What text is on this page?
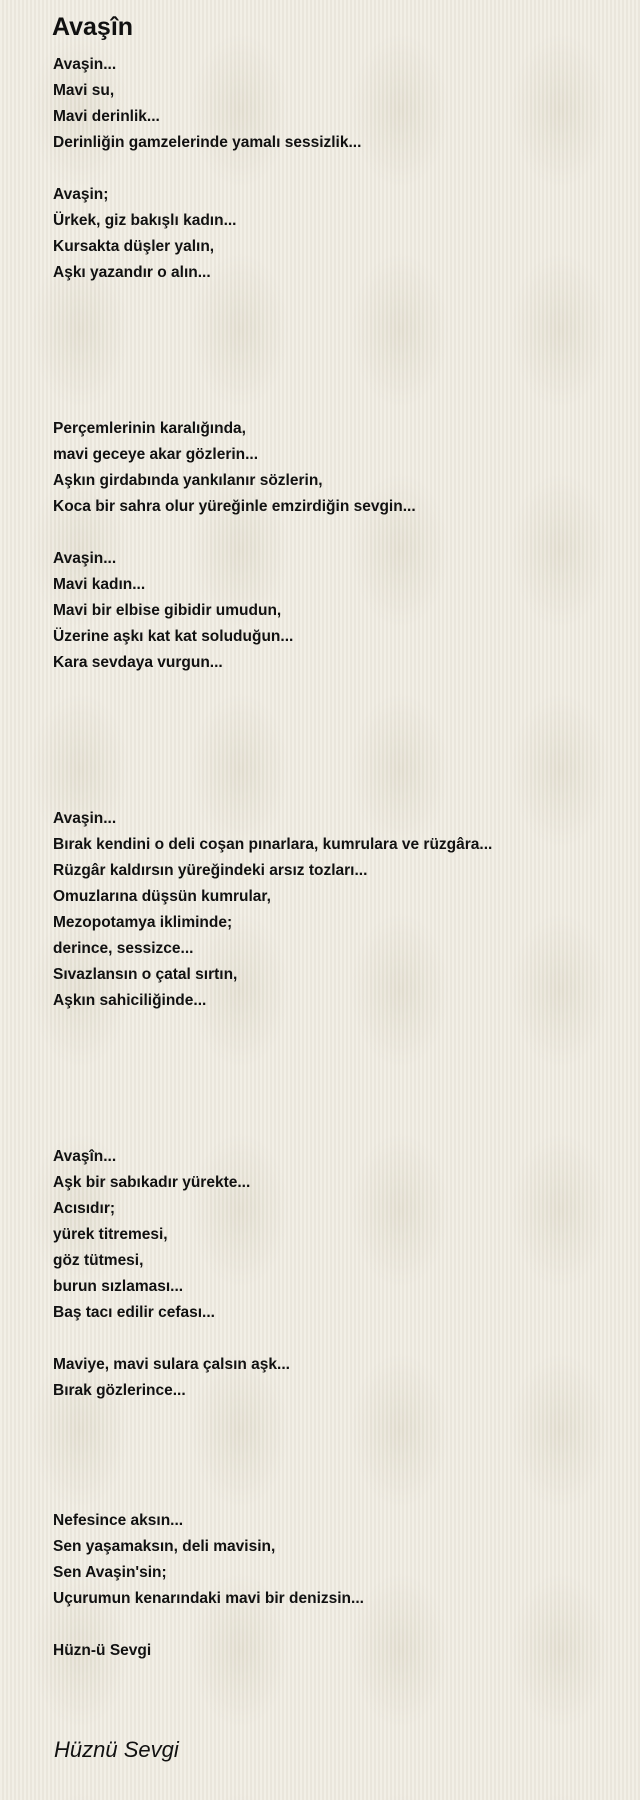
Avaşîn
Avaşin...
Mavi su,
Mavi derinlik...
Derinliğin gamzelerinde yamalı sessizlik...
Avaşin;
Ürkek, giz bakışlı kadın...
Kursakta düşler yalın,
Aşkı yazandır o alın...
Perçemlerinin karalığında,
mavi geceye akar gözlerin...
Aşkın girdabında yankılanır sözlerin,
Koca bir sahra olur yüreğinle emzirdiğin sevgin...
Avaşin...
Mavi kadın...
Mavi bir elbise gibidir umudun,
Üzerine aşkı kat kat soluduğun...
Kara sevdaya vurgun...
Avaşin...
Bırak kendini o deli coşan pınarlara, kumrulara ve rüzgâra...
Rüzgâr kaldırsın yüreğindeki arsız tozları...
Omuzlarına düşsün kumrular,
Mezopotamya ikliminde;
derince, sessizce...
Sıvazlansın o çatal sırtın,
Aşkın sahiciliğinde...
Avaşîn...
Aşk bir sabıkadır yürekte...
Acısıdır;
yürek titremesi,
göz tütmesi,
burun sızlaması...
Baş tacı edilir cefası...
Maviye, mavi sulara çalsın aşk...
Bırak gözlerince...
Nefesince aksın...
Sen yaşamaksın, deli mavisin,
Sen Avaşin'sin;
Uçurumun kenarındaki mavi bir denizsin...
Hüzn-ü Sevgi
Hüznü Sevgi
